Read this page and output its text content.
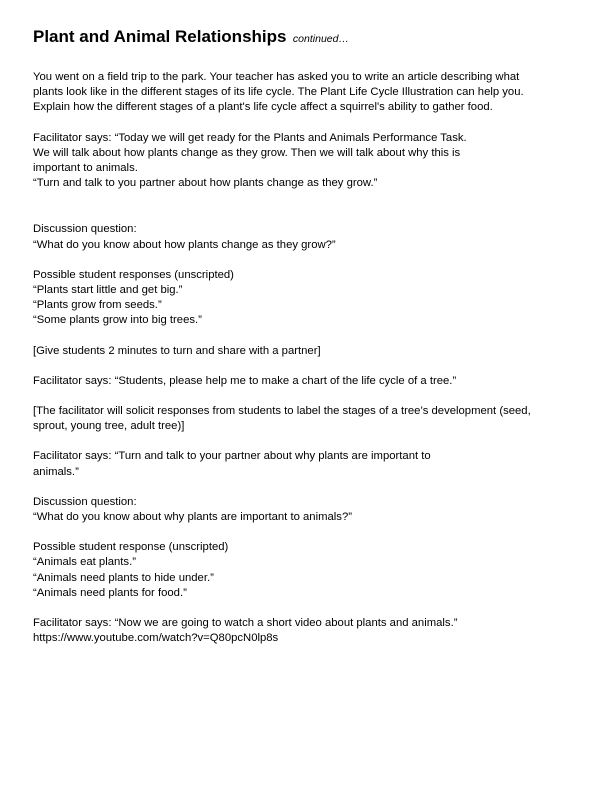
Plant and Animal Relationships continued…
You went on a field trip to the park. Your teacher has asked you to write an article describing what
plants look like in the different stages of its life cycle. The Plant Life Cycle Illustration can help you.
Explain how the different stages of a plant's life cycle affect a squirrel's ability to gather food.
Facilitator says: “Today we will get ready for the Plants and Animals Performance Task.
We will talk about how plants change as they grow. Then we will talk about why this is
important to animals.
“Turn and talk to you partner about how plants change as they grow.”
Discussion question:
“What do you know about how plants change as they grow?”
Possible student responses (unscripted)
“Plants start little and get big.”
“Plants grow from seeds.”
“Some plants grow into big trees.”
[Give students 2 minutes to turn and share with a partner]
Facilitator says: “Students, please help me to make a chart of the life cycle of a tree.”
[The facilitator will solicit responses from students to label the stages of a tree’s development (seed,
sprout, young tree, adult tree)]
Facilitator says: “Turn and talk to your partner about why plants are important to
animals.”
Discussion question:
“What do you know about why plants are important to animals?”
Possible student response (unscripted)
“Animals eat plants.”
“Animals need plants to hide under.”
“Animals need plants for food.”
Facilitator says: “Now we are going to watch a short video about plants and animals.”
https://www.youtube.com/watch?v=Q80pcN0lp8s
